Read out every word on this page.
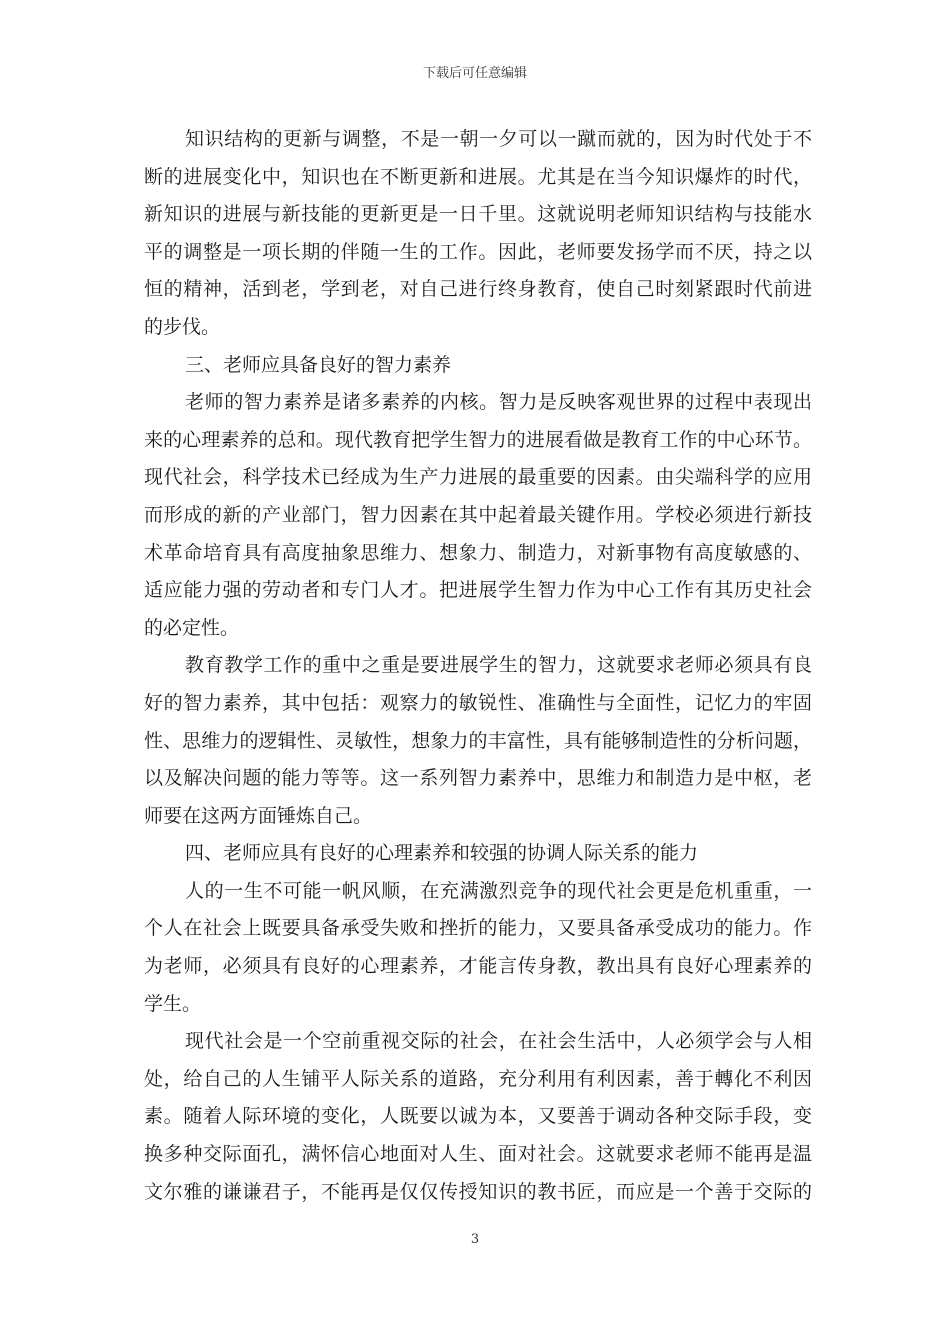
下载后可任意编辑
知识结构的更新与调整，不是一朝一夕可以一蹴而就的，因为时代处于不
断的进展变化中，知识也在不断更新和进展。尤其是在当今知识爆炸的时代，
新知识的进展与新技能的更新更是一日千里。这就说明老师知识结构与技能水
平的调整是一项长期的伴随一生的工作。因此，老师要发扬学而不厌，持之以
恒的精神，活到老，学到老，对自己进行终身教育，使自己时刻紧跟时代前进
的步伐。
三、老师应具备良好的智力素养
老师的智力素养是诸多素养的内核。智力是反映客观世界的过程中表现出
来的心理素养的总和。现代教育把学生智力的进展看做是教育工作的中心环节。
现代社会，科学技术已经成为生产力进展的最重要的因素。由尖端科学的应用
而形成的新的产业部门，智力因素在其中起着最关键作用。学校必须进行新技
术革命培育具有高度抽象思维力、想象力、制造力，对新事物有高度敏感的、
适应能力强的劳动者和专门人才。把进展学生智力作为中心工作有其历史社会
的必定性。
教育教学工作的重中之重是要进展学生的智力，这就要求老师必须具有良
好的智力素养，其中包括：观察力的敏锐性、准确性与全面性，记忆力的牢固
性、思维力的逻辑性、灵敏性，想象力的丰富性，具有能够制造性的分析问题，
以及解决问题的能力等等。这一系列智力素养中，思维力和制造力是中枢，老
师要在这两方面锤炼自己。
四、老师应具有良好的心理素养和较强的协调人际关系的能力
人的一生不可能一帆风顺，在充满激烈竞争的现代社会更是危机重重，一
个人在社会上既要具备承受失败和挫折的能力，又要具备承受成功的能力。作
为老师，必须具有良好的心理素养，才能言传身教，教出具有良好心理素养的
学生。
现代社会是一个空前重视交际的社会，在社会生活中，人必须学会与人相
处，给自己的人生铺平人际关系的道路，充分利用有利因素，善于轉化不利因
素。随着人际环境的变化，人既要以诚为本，又要善于调动各种交际手段，变
换多种交际面孔，满怀信心地面对人生、面对社会。这就要求老师不能再是温
文尔雅的谦谦君子，不能再是仅仅传授知识的教书匠，而应是一个善于交际的
3
